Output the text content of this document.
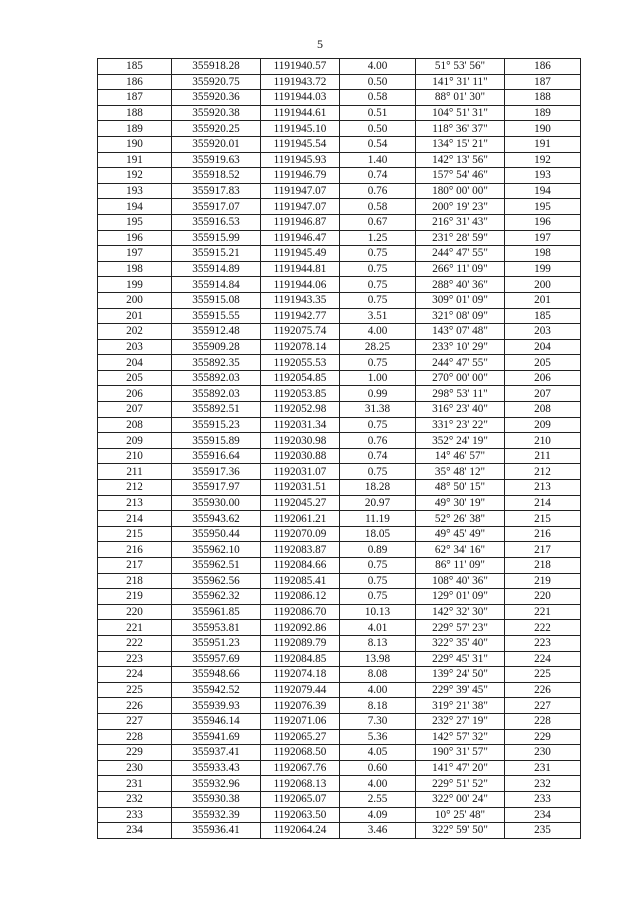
5
185	355918.28	1191940.57	4.00	51° 53' 56"	186
186	355920.75	1191943.72	0.50	141° 31' 11"	187
187	355920.36	1191944.03	0.58	88° 01' 30"	188
188	355920.38	1191944.61	0.51	104° 51' 31"	189
189	355920.25	1191945.10	0.50	118° 36' 37"	190
190	355920.01	1191945.54	0.54	134° 15' 21"	191
191	355919.63	1191945.93	1.40	142° 13' 56"	192
192	355918.52	1191946.79	0.74	157° 54' 46"	193
193	355917.83	1191947.07	0.76	180° 00' 00"	194
194	355917.07	1191947.07	0.58	200° 19' 23"	195
195	355916.53	1191946.87	0.67	216° 31' 43"	196
196	355915.99	1191946.47	1.25	231° 28' 59"	197
197	355915.21	1191945.49	0.75	244° 47' 55"	198
198	355914.89	1191944.81	0.75	266° 11' 09"	199
199	355914.84	1191944.06	0.75	288° 40' 36"	200
200	355915.08	1191943.35	0.75	309° 01' 09"	201
201	355915.55	1191942.77	3.51	321° 08' 09"	185
202	355912.48	1192075.74	4.00	143° 07' 48"	203
203	355909.28	1192078.14	28.25	233° 10' 29"	204
204	355892.35	1192055.53	0.75	244° 47' 55"	205
205	355892.03	1192054.85	1.00	270° 00' 00"	206
206	355892.03	1192053.85	0.99	298° 53' 11"	207
207	355892.51	1192052.98	31.38	316° 23' 40"	208
208	355915.23	1192031.34	0.75	331° 23' 22"	209
209	355915.89	1192030.98	0.76	352° 24' 19"	210
210	355916.64	1192030.88	0.74	14° 46' 57"	211
211	355917.36	1192031.07	0.75	35° 48' 12"	212
212	355917.97	1192031.51	18.28	48° 50' 15"	213
213	355930.00	1192045.27	20.97	49° 30' 19"	214
214	355943.62	1192061.21	11.19	52° 26' 38"	215
215	355950.44	1192070.09	18.05	49° 45' 49"	216
216	355962.10	1192083.87	0.89	62° 34' 16"	217
217	355962.51	1192084.66	0.75	86° 11' 09"	218
218	355962.56	1192085.41	0.75	108° 40' 36"	219
219	355962.32	1192086.12	0.75	129° 01' 09"	220
220	355961.85	1192086.70	10.13	142° 32' 30"	221
221	355953.81	1192092.86	4.01	229° 57' 23"	222
222	355951.23	1192089.79	8.13	322° 35' 40"	223
223	355957.69	1192084.85	13.98	229° 45' 31"	224
224	355948.66	1192074.18	8.08	139° 24' 50"	225
225	355942.52	1192079.44	4.00	229° 39' 45"	226
226	355939.93	1192076.39	8.18	319° 21' 38"	227
227	355946.14	1192071.06	7.30	232° 27' 19"	228
228	355941.69	1192065.27	5.36	142° 57' 32"	229
229	355937.41	1192068.50	4.05	190° 31' 57"	230
230	355933.43	1192067.76	0.60	141° 47' 20"	231
231	355932.96	1192068.13	4.00	229° 51' 52"	232
232	355930.38	1192065.07	2.55	322° 00' 24"	233
233	355932.39	1192063.50	4.09	10° 25' 48"	234
234	355936.41	1192064.24	3.46	322° 59' 50"	235
